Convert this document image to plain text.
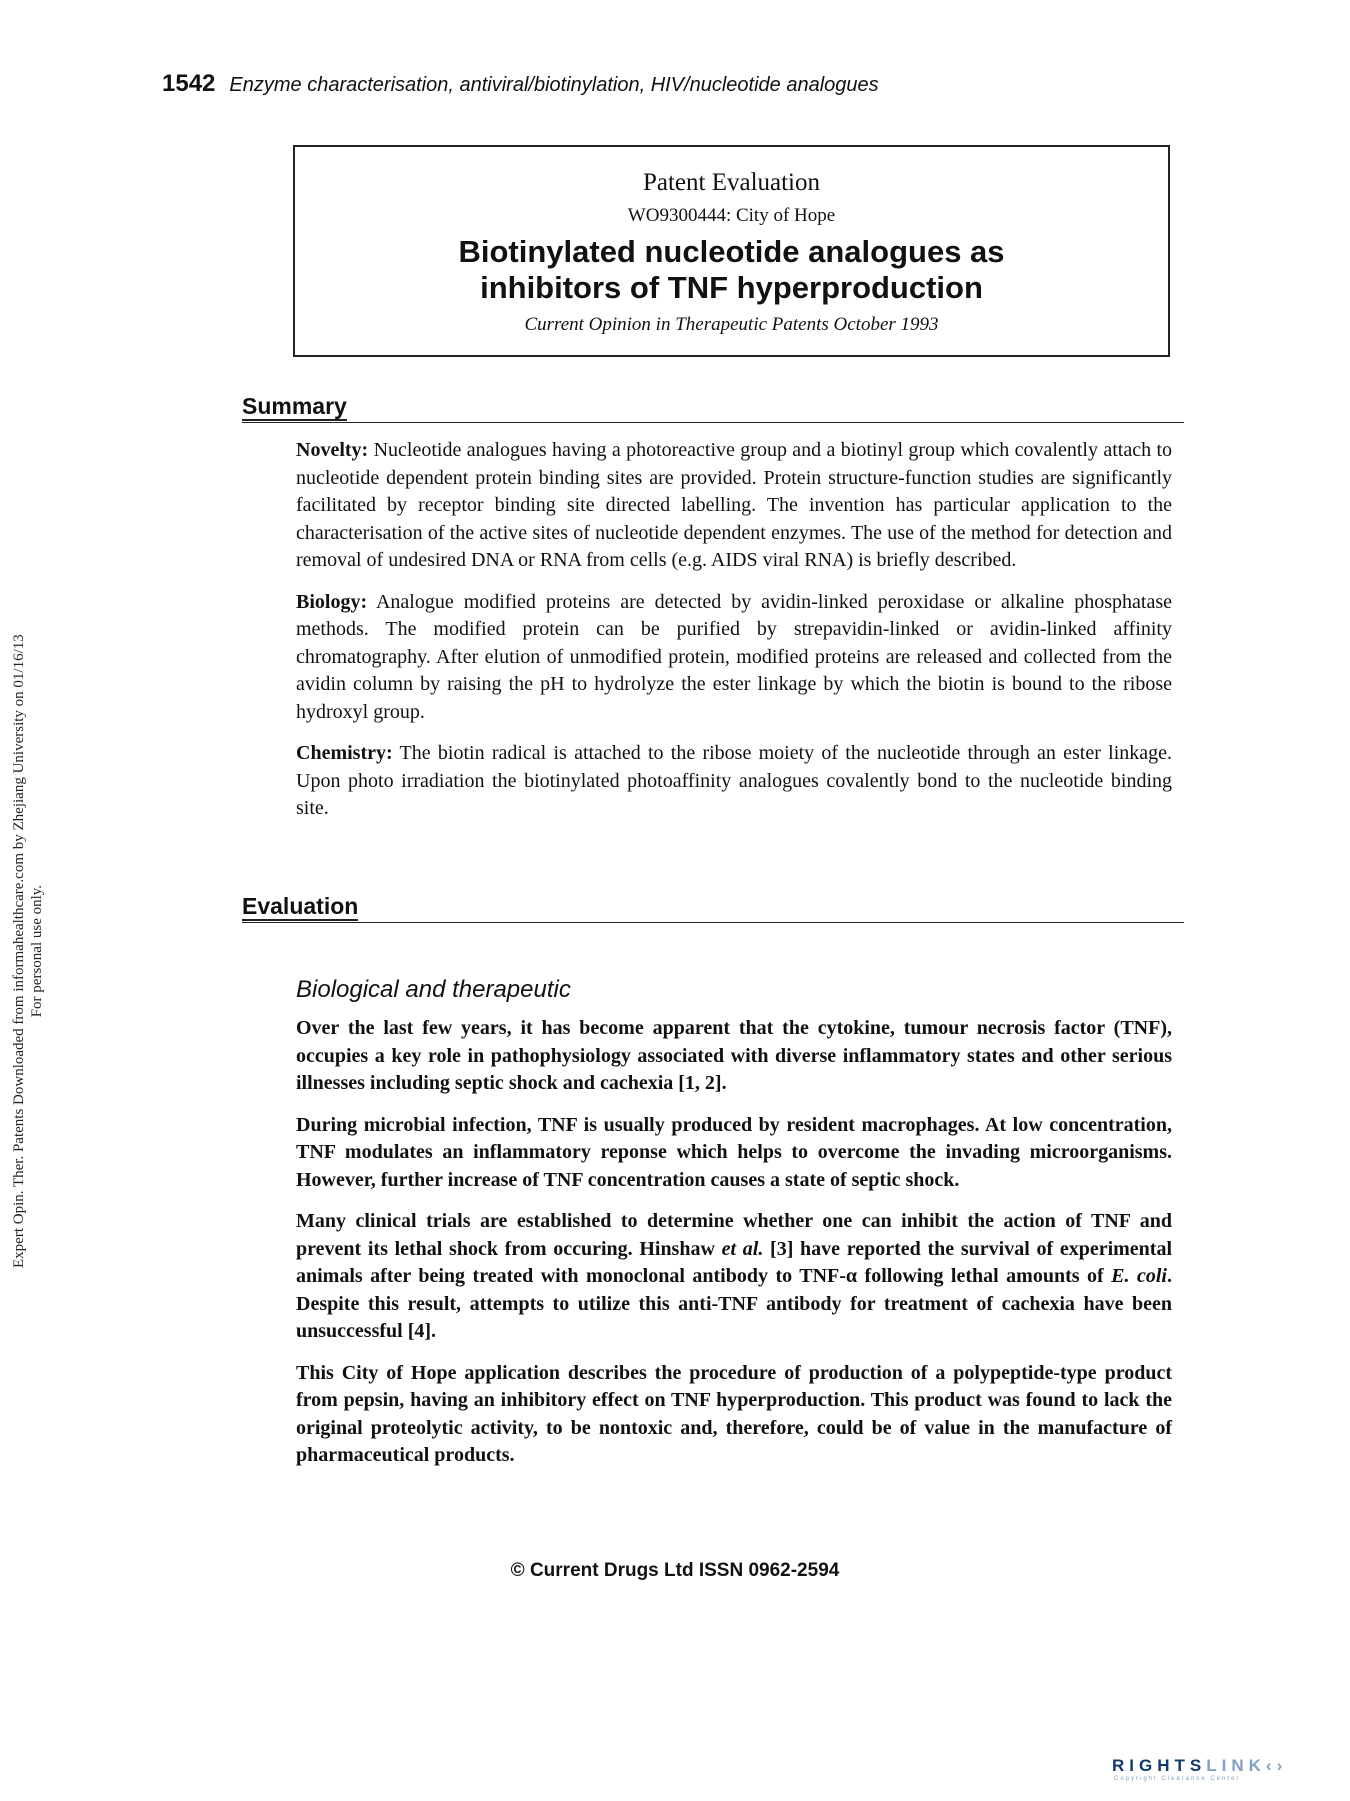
1542 Enzyme characterisation, antiviral/biotinylation, HIV/nucleotide analogues
Expert Opin. Ther. Patents Downloaded from informahealthcare.com by Zhejiang University on 01/16/13 For personal use only.
Patent Evaluation
WO9300444: City of Hope
Biotinylated nucleotide analogues as
inhibitors of TNF hyperproduction
Current Opinion in Therapeutic Patents October 1993
Summary

Novelty: Nucleotide analogues having a photoreactive group and a biotinyl group which covalently attach to nucleotide dependent protein binding sites are provided. Protein structure-function studies are significantly facilitated by receptor binding site directed labelling. The invention has particular application to the characterisation of the active sites of nucleotide dependent enzymes. The use of the method for detection and removal of undesired DNA or RNA from cells (e.g. AIDS viral RNA) is briefly described.

Biology: Analogue modified proteins are detected by avidin-linked peroxidase or alkaline phosphatase methods. The modified protein can be purified by strepavidin-linked or avidin-linked affinity chromatography. After elution of unmodified protein, modified proteins are released and collected from the avidin column by raising the pH to hydrolyze the ester linkage by which the biotin is bound to the ribose hydroxyl group.

Chemistry: The biotin radical is attached to the ribose moiety of the nucleotide through an ester linkage. Upon photo irradiation the biotinylated photoaffinity analogues covalently bond to the nucleotide binding site.

Evaluation
Biological and therapeutic

Over the last few years, it has become apparent that the cytokine, tumour necrosis factor (TNF), occupies a key role in pathophysiology associated with diverse inflammatory states and other serious illnesses including septic shock and cachexia [1, 2].

During microbial infection, TNF is usually produced by resident macrophages. At low concentration, TNF modulates an inflammatory reponse which helps to overcome the invading microorganisms. However, further increase of TNF concentration causes a state of septic shock.

Many clinical trials are established to determine whether one can inhibit the action of TNF and prevent its lethal shock from occuring. Hinshaw et al. [3] have reported the survival of experimental animals after being treated with monoclonal antibody to TNF-α following lethal amounts of E. coli. Despite this result, attempts to utilize this anti-TNF antibody for treatment of cachexia have been unsuccessful [4].

This City of Hope application describes the procedure of production of a polypeptide-type product from pepsin, having an inhibitory effect on TNF hyperproduction. This product was found to lack the original proteolytic activity, to be nontoxic and, therefore, could be of value in the manufacture of pharmaceutical products.

© Current Drugs Ltd ISSN 0962-2594
RIGHTSLINK‹›
Copyright Clearance Center
